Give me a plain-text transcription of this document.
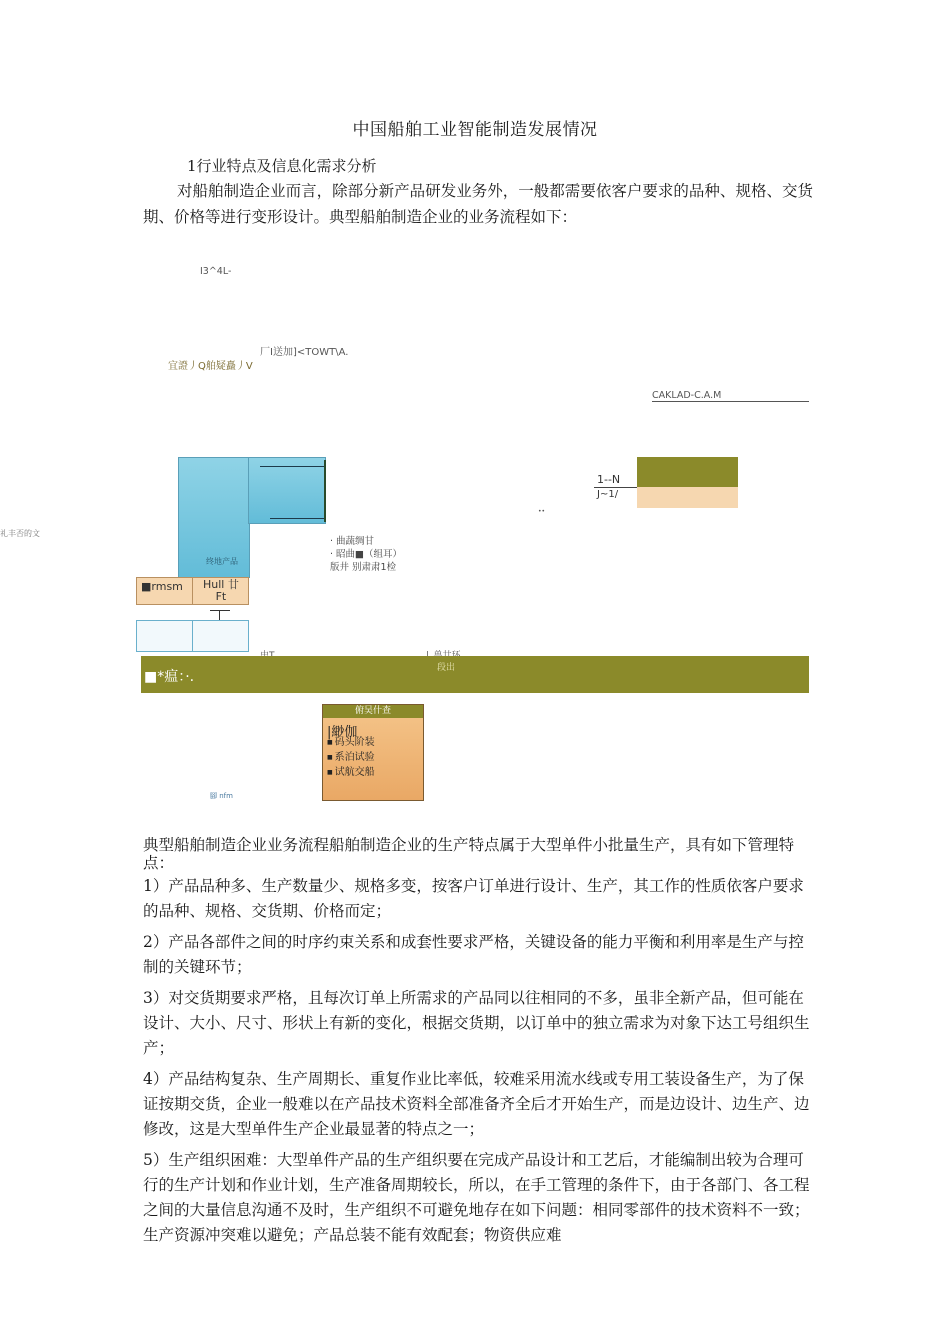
中国船舶工业智能制造发展情况
1行业特点及信息化需求分析
对船舶制造企业而言，除部分新产品研发业务外，一般都需要依客户要求的品种、规格、交货期、价格等进行变形设计。典型船舶制造企业的业务流程如下：
I3^4L-
厂I送加]<TOWT\A.
宜證丿Q舶疑矗丿V
CAKLAD-C.A.M
礼丰否的文
终地产品
■rmsm Hull 廿
Ft
· 曲蔬绸甘
· 昭曲■（组耳）
版井 别肃肃1检
1--N
J~1/
••
■*瘟：·.
段出
俯吴什查
|緲伽
■ 码头阶装
■ 系泊试验
■ 试航交船
腳 nfm
典型船舶制造企业业务流程船舶制造企业的生产特点属于大型单件小批量生产，具有如下管理特点：
1）产品品种多、生产数量少、规格多变，按客户订单进行设计、生产，其工作的性质依客户要求的品种、规格、交货期、价格而定；
2）产品各部件之间的时序约束关系和成套性要求严格，关键设备的能力平衡和利用率是生产与控制的关键环节；
3）对交货期要求严格，且每次订单上所需求的产品同以往相同的不多，虽非全新产品，但可能在设计、大小、尺寸、形状上有新的变化，根据交货期，以订单中的独立需求为对象下达工号组织生产；
4）产品结构复杂、生产周期长、重复作业比率低，较难采用流水线或专用工装设备生产，为了保证按期交货，企业一般难以在产品技术资料全部准备齐全后才开始生产，而是边设计、边生产、边修改，这是大型单件生产企业最显著的特点之一；
5）生产组织困难：大型单件产品的生产组织要在完成产品设计和工艺后，才能编制出较为合理可行的生产计划和作业计划，生产准备周期较长，所以，在手工管理的条件下，由于各部门、各工程之间的大量信息沟通不及时，生产组织不可避免地存在如下问题：相同零部件的技术资料不一致；生产资源冲突难以避免；产品总装不能有效配套；物资供应难
